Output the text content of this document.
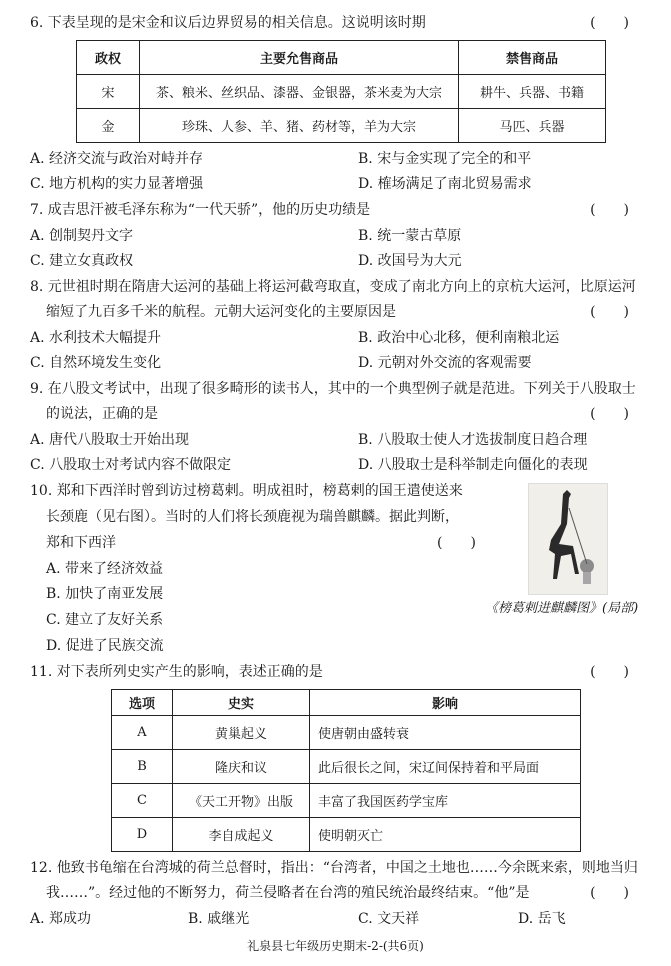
6. 下表呈现的是宋金和议后边界贸易的相关信息。这说明该时期	(　　)
政权	主要允售商品	禁售商品
宋	茶、粮米、丝织品、漆器、金银器，茶米麦为大宗	耕牛、兵器、书籍
金	珍珠、人参、羊、猪、药材等，羊为大宗	马匹、兵器
A. 经济交流与政治对峙并存	B. 宋与金实现了完全的和平
C. 地方机构的实力显著增强	D. 榷场满足了南北贸易需求
7. 成吉思汗被毛泽东称为“一代天骄”，他的历史功绩是	(　　)
A. 创制契丹文字	B. 统一蒙古草原
C. 建立女真政权	D. 改国号为大元
8. 元世祖时期在隋唐大运河的基础上将运河截弯取直，变成了南北方向上的京杭大运河，比原运河
缩短了九百多千米的航程。元朝大运河变化的主要原因是	(　　)
A. 水利技术大幅提升	B. 政治中心北移，便利南粮北运
C. 自然环境发生变化	D. 元朝对外交流的客观需要
9. 在八股文考试中，出现了很多畸形的读书人，其中的一个典型例子就是范进。下列关于八股取士
的说法，正确的是	(　　)
A. 唐代八股取士开始出现	B. 八股取士使人才选拔制度日趋合理
C. 八股取士对考试内容不做限定	D. 八股取士是科举制走向僵化的表现
10. 郑和下西洋时曾到访过榜葛剌。明成祖时，榜葛剌的国王遣使送来
长颈鹿（见右图）。当时的人们将长颈鹿视为瑞兽麒麟。据此判断，
郑和下西洋	(　　)
A. 带来了经济效益
B. 加快了南亚发展
C. 建立了友好关系
D. 促进了民族交流
《榜葛剌进麒麟图》(局部)
11. 对下表所列史实产生的影响，表述正确的是	(　　)
选项	史实	影响
A	黄巢起义	使唐朝由盛转衰
B	隆庆和议	此后很长之间，宋辽间保持着和平局面
C	《天工开物》出版	丰富了我国医药学宝库
D	李自成起义	使明朝灭亡
12. 他致书龟缩在台湾城的荷兰总督时，指出：“台湾者，中国之土地也……今余既来索，则地当归
我……”。经过他的不断努力，荷兰侵略者在台湾的殖民统治最终结束。“他”是	(　　)
A. 郑成功	B. 戚继光	C. 文天祥	D. 岳飞
礼泉县七年级历史期末-2-(共6页)
